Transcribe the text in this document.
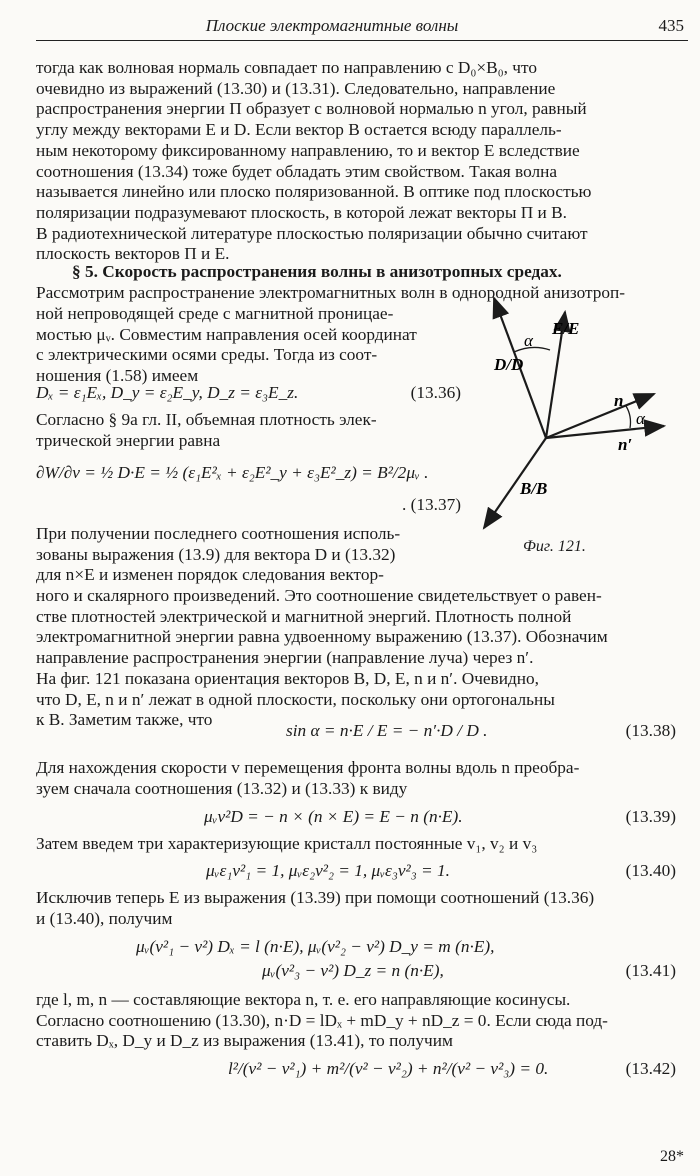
Плоские электромагнитные волны	435
тогда как волновая нормаль совпадает по направлению с D₀×B₀, что
очевидно из выражений (13.30) и (13.31). Следовательно, направление
распространения энергии П образует с волновой нормалью n угол, равный
углу между векторами E и D. Если вектор B остается всюду параллель-
ным некоторому фиксированному направлению, то и вектор E вследствие
соотношения (13.34) тоже будет обладать этим свойством. Такая волна
называется линейно или плоско поляризованной. В оптике под плоскостью
поляризации подразумевают плоскость, в которой лежат векторы П и B.
В радиотехнической литературе плоскостью поляризации обычно считают
плоскость векторов П и E.
§ 5. Скорость распространения волны в анизотропных средах.
Рассмотрим распространение электромагнитных волн в однородной анизотроп-
ной непроводящей среде с магнитной проницае-
мостью μᵥ. Совместим направления осей координат
с электрическими осями среды. Тогда из соот-
ношения (1.58) имеем
Dₓ = ε₁Eₓ, D_y = ε₂E_y, D_z = ε₃E_z.	(13.36)
Согласно § 9а гл. II, объемная плотность элек-
трической энергии равна
∂W/∂v = ½ D·E = ½ (ε₁E²ₓ + ε₂E²_y + ε₃E²_z) = B²/2μᵥ .
. (13.37)
При получении последнего соотношения исполь-
зованы выражения (13.9) для вектора D и (13.32)
для n×E и изменен порядок следования вектор-
ного и скалярного произведений. Это соотношение свидетельствует о равен-
стве плотностей электрической и магнитной энергий. Плотность полной
электромагнитной энергии равна удвоенному выражению (13.37). Обозначим
направление распространения энергии (направление луча) через n′.
На фиг. 121 показана ориентация векторов B, D, E, n и n′. Очевидно,
что D, E, n и n′ лежат в одной плоскости, поскольку они ортогональны
к B. Заметим также, что
sin α = n·E / E = − n′·D / D .	(13.38)
Для нахождения скорости v перемещения фронта волны вдоль n преобра-
зуем сначала соотношения (13.32) и (13.33) к виду
μᵥv²D = − n × (n × E) = E − n (n·E).	(13.39)
Затем введем три характеризующие кристалл постоянные v₁, v₂ и v₃
μᵥε₁v²₁ = 1, μᵥε₂v²₂ = 1, μᵥε₃v²₃ = 1.	(13.40)
Исключив теперь E из выражения (13.39) при помощи соотношений (13.36)
и (13.40), получим
μᵥ(v²₁ − v²) Dₓ = l (n·E), μᵥ(v²₂ − v²) D_y = m (n·E),
μᵥ(v²₃ − v²) D_z = n (n·E),	(13.41)
где l, m, n — составляющие вектора n, т. е. его направляющие косинусы.
Согласно соотношению (13.30), n·D = lDₓ + mD_y + nD_z = 0. Если сюда под-
ставить Dₓ, D_y и D_z из выражения (13.41), то получим
l²/(v² − v²₁) + m²/(v² − v²₂) + n²/(v² − v²₃) = 0.	(13.42)
E/E
D/D
B/B
n
n′
α
α
Фиг. 121.
28*
